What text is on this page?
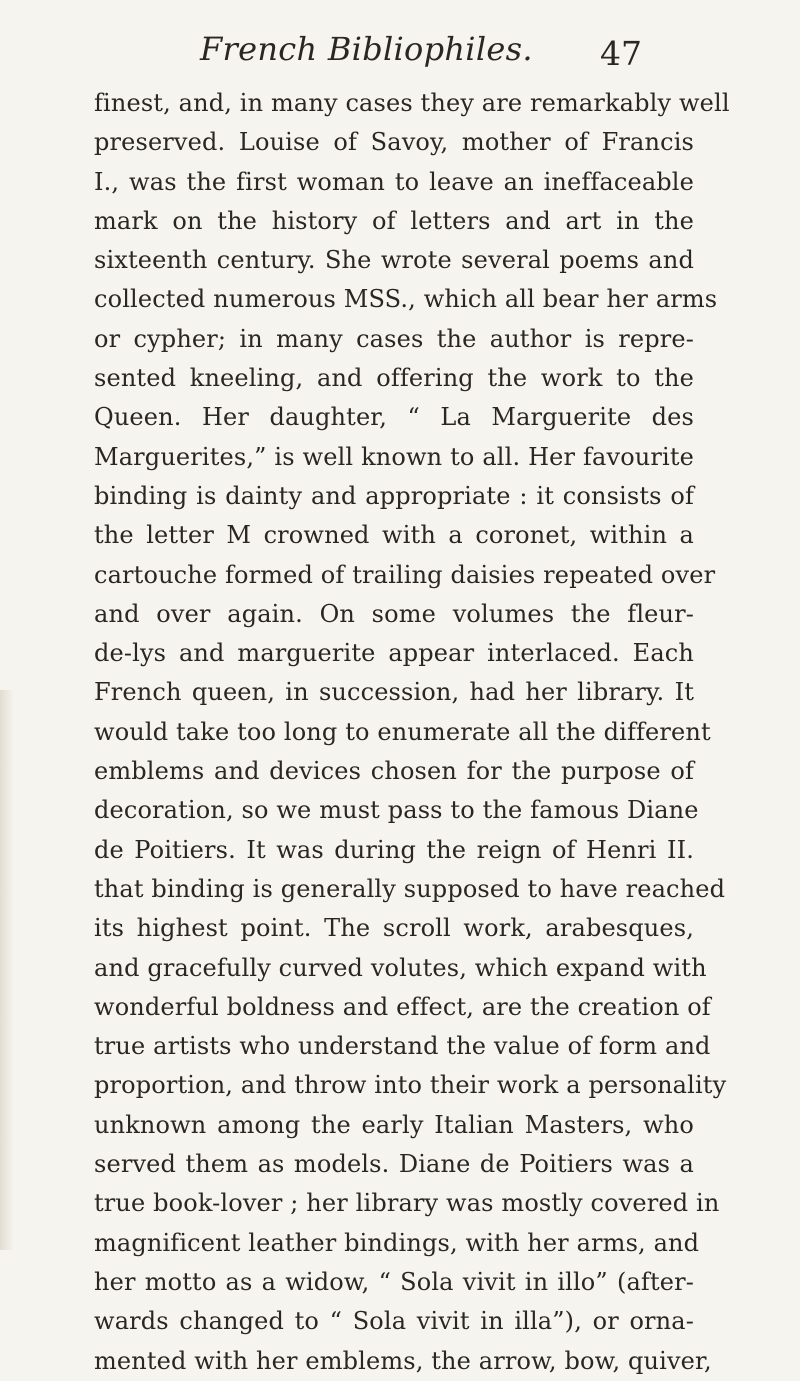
French Bibliophiles. 47
finest, and, in many cases they are remarkably well
preserved. Louise of Savoy, mother of Francis
I., was the first woman to leave an ineffaceable
mark on the history of letters and art in the
sixteenth century. She wrote several poems and
collected numerous MSS., which all bear her arms
or cypher; in many cases the author is repre-
sented kneeling, and offering the work to the
Queen. Her daughter, “ La Marguerite des
Marguerites,” is well known to all. Her favourite
binding is dainty and appropriate : it consists of
the letter M crowned with a coronet, within a
cartouche formed of trailing daisies repeated over
and over again. On some volumes the fleur-
de-lys and marguerite appear interlaced. Each
French queen, in succession, had her library. It
would take too long to enumerate all the different
emblems and devices chosen for the purpose of
decoration, so we must pass to the famous Diane
de Poitiers. It was during the reign of Henri II.
that binding is generally supposed to have reached
its highest point. The scroll work, arabesques,
and gracefully curved volutes, which expand with
wonderful boldness and effect, are the creation of
true artists who understand the value of form and
proportion, and throw into their work a personality
unknown among the early Italian Masters, who
served them as models. Diane de Poitiers was a
true book-lover ; her library was mostly covered in
magnificent leather bindings, with her arms, and
her motto as a widow, “ Sola vivit in illo” (after-
wards changed to “ Sola vivit in illa”), or orna-
mented with her emblems, the arrow, bow, quiver,
